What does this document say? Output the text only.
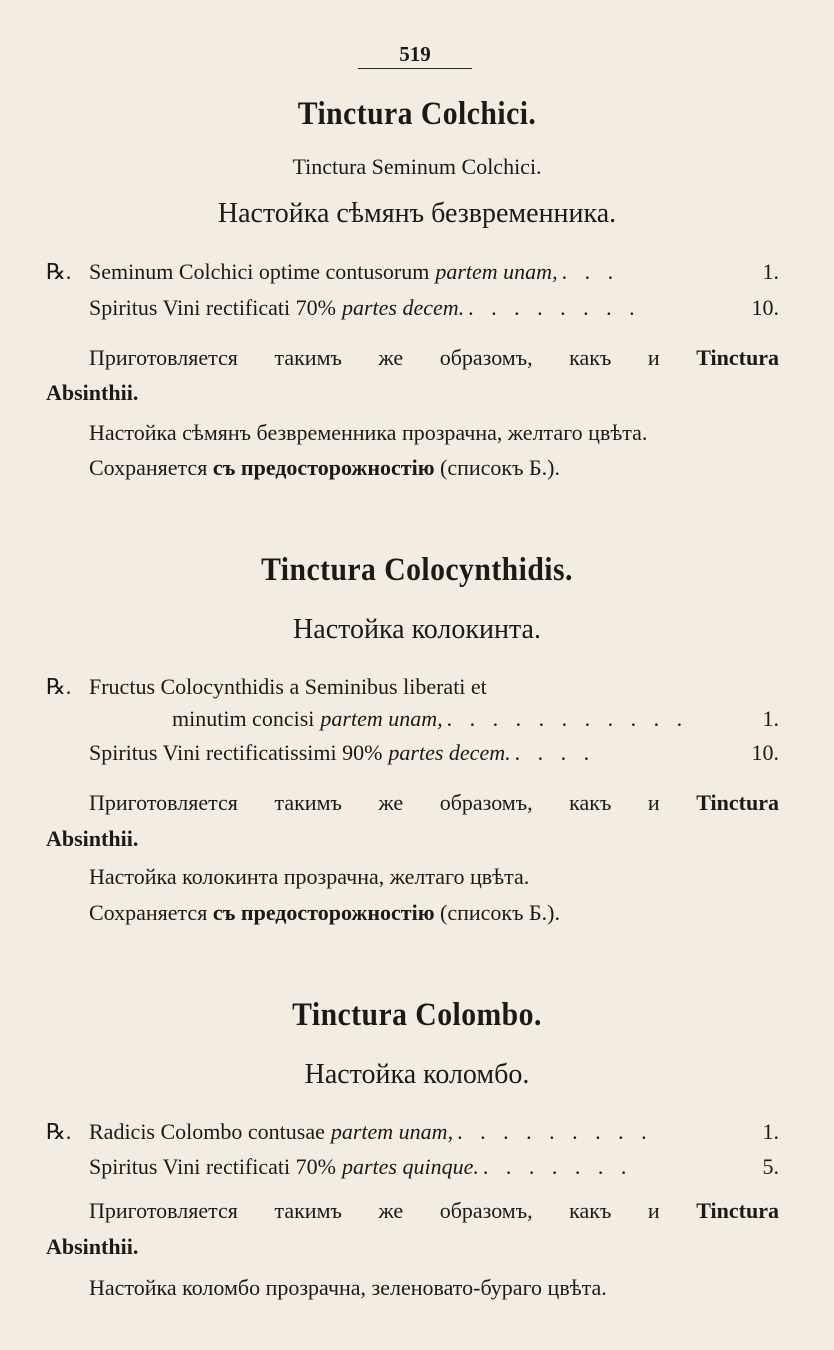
519
Tinctura Colchici.
Tinctura Seminum Colchici.
Настойка сѣмянъ безвременника.
℞. Seminum Colchici optime contusorum partem unam, . . .	1.
Spiritus Vini rectificati 70% partes decem. . . . . . . . .	10.
Приготовляется такимъ же образомъ, какъ и Tinctura
Absinthii.
Настойка сѣмянъ безвременника прозрачна, желтаго цвѣта.
Сохраняется съ предосторожностію (списокъ Б.).
Tinctura Colocynthidis.
Настойка колокинта.
℞. Fructus Colocynthidis a Seminibus liberati et
minutim concisi partem unam, . . . . . . . . . . .	1.
Spiritus Vini rectificatissimi 90% partes decem. . . . .	10.
Приготовляется такимъ же образомъ, какъ и Tinctura
Absinthii.
Настойка колокинта прозрачна, желтаго цвѣта.
Сохраняется съ предосторожностію (списокъ Б.).
Tinctura Colombo.
Настойка коломбо.
℞. Radicis Colombo contusae partem unam, . . . . . . . . .	1.
Spiritus Vini rectificati 70% partes quinque. . . . . . . .	5.
Приготовляется такимъ же образомъ, какъ и Tinctura
Absinthii.
Настойка коломбо прозрачна, зеленовато-бураго цвѣта.
